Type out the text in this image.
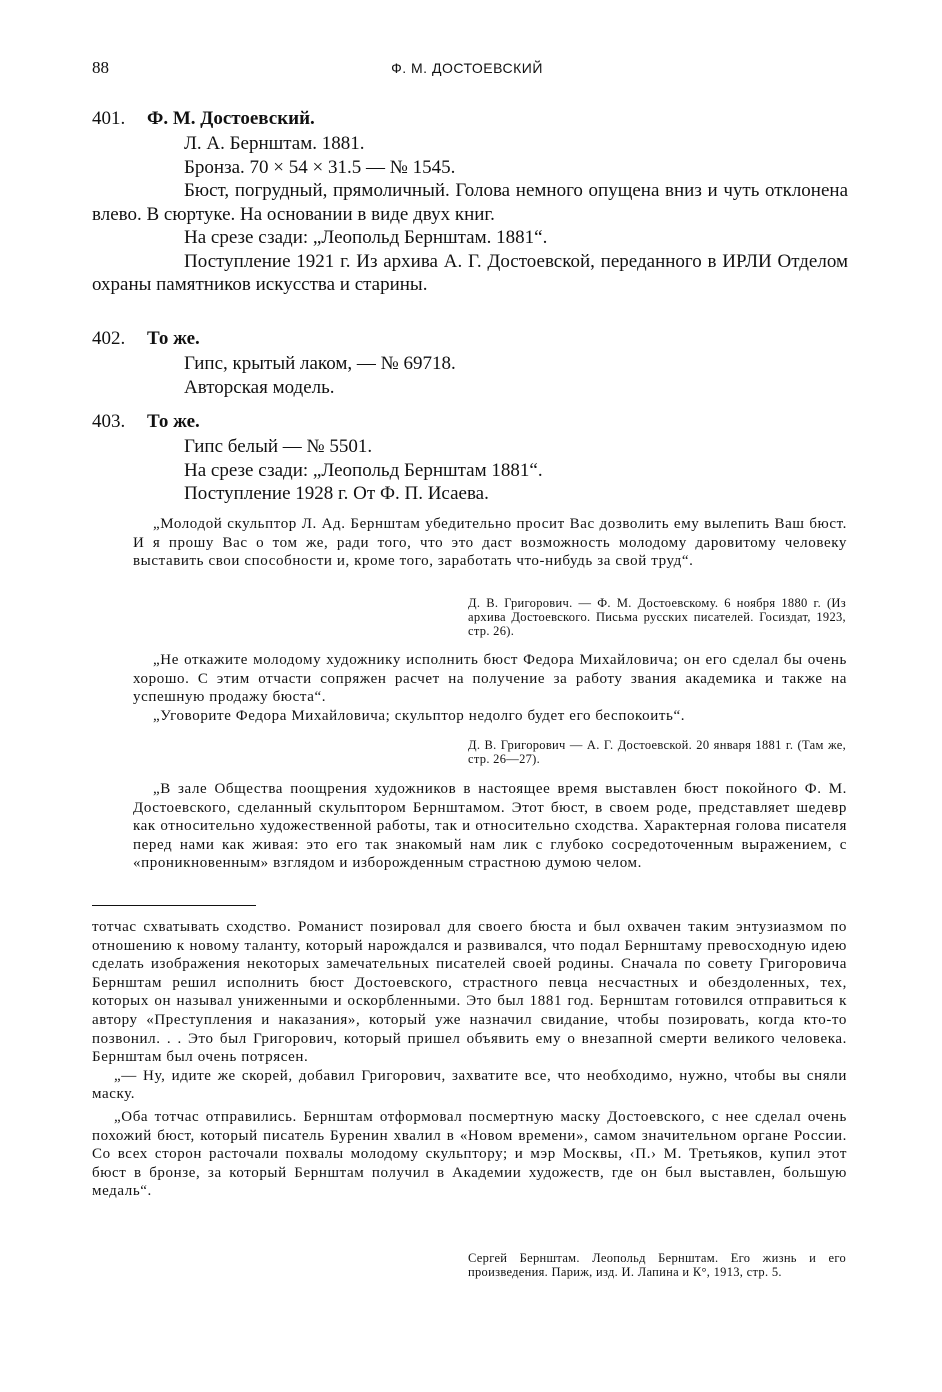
88	Ф. М. ДОСТОЕВСКИЙ
401. Ф. М. Достоевский.
Л. А. Бернштам. 1881.
Бронза. 70 × 54 × 31.5 — № 1545.
Бюст, погрудный, прямоличный. Голова немного опущена вниз и чуть отклонена влево. В сюртуке. На основании в виде двух книг.
На срезе сзади: „Леопольд Бернштам. 1881“.
Поступление 1921 г. Из архива А. Г. Достоевской, переданного в ИРЛИ Отделом охраны памятников искусства и старины.
402. То же.
Гипс, крытый лаком, — № 69718.
Авторская модель.
403. То же.
Гипс белый — № 5501.
На срезе сзади: „Леопольд Бернштам 1881“.
Поступление 1928 г. От Ф. П. Исаева.

„Молодой скульптор Л. Ад. Бернштам убедительно просит Вас дозволить ему вылепить Ваш бюст. И я прошу Вас о том же, ради того, что это даст возможность молодому даровитому человеку выставить свои способности и, кроме того, заработать что-нибудь за свой труд“.

Д. В. Григорович. — Ф. М. Достоевскому. 6 ноября 1880 г. (Из архива Достоевского. Письма русских писателей. Госиздат, 1923, стр. 26).

„Не откажите молодому художнику исполнить бюст Федора Михайловича; он его сделал бы очень хорошо. С этим отчасти сопряжен расчет на получение за работу звания академика и также на успешную продажу бюста“.

„Уговорите Федора Михайловича; скульптор недолго будет его беспокоить“.

Д. В. Григорович — А. Г. Достоевской. 20 января 1881 г. (Там же, стр. 26—27).

„В зале Общества поощрения художников в настоящее время выставлен бюст покойного Ф. М. Достоевского, сделанный скульптором Бернштамом. Этот бюст, в своем роде, представляет шедевр как относительно художественной работы, так и относительно сходства. Характерная голова писателя перед нами как живая: это его так знакомый нам лик с глубоко сосредоточенным выражением, с «проникновенным» взглядом и изборожденным страстною думою челом.

тотчас схватывать сходство. Романист позировал для своего бюста и был охвачен таким энтузиазмом по отношению к новому таланту, который нарождался и развивался, что подал Бернштаму превосходную идею сделать изображения некоторых замечательных писателей своей родины. Сначала по совету Григоровича Бернштам решил исполнить бюст Достоевского, страстного певца несчастных и обездоленных, тех, которых он называл униженными и оскорбленными. Это был 1881 год. Бернштам готовился отправиться к автору «Преступления и наказания», который уже назначил свидание, чтобы позировать, когда кто-то позвонил. . . Это был Григорович, который пришел объявить ему о внезапной смерти великого человека. Бернштам был очень потрясен.

„— Ну, идите же скорей, добавил Григорович, захватите все, что необходимо, нужно, чтобы вы сняли маску.

„Оба тотчас отправились. Бернштам отформовал посмертную маску Достоевского, с нее сделал очень похожий бюст, который писатель Буренин хвалил в «Новом времени», самом значительном органе России. Со всех сторон расточали похвалы молодому скульптору; и мэр Москвы, ‹П.› М. Третьяков, купил этот бюст в бронзе, за который Бернштам получил в Академии художеств, где он был выставлен, большую медаль“.

Сергей Бернштам. Леопольд Бернштам. Его жизнь и его произведения. Париж, изд. И. Лапина и К°, 1913, стр. 5.
